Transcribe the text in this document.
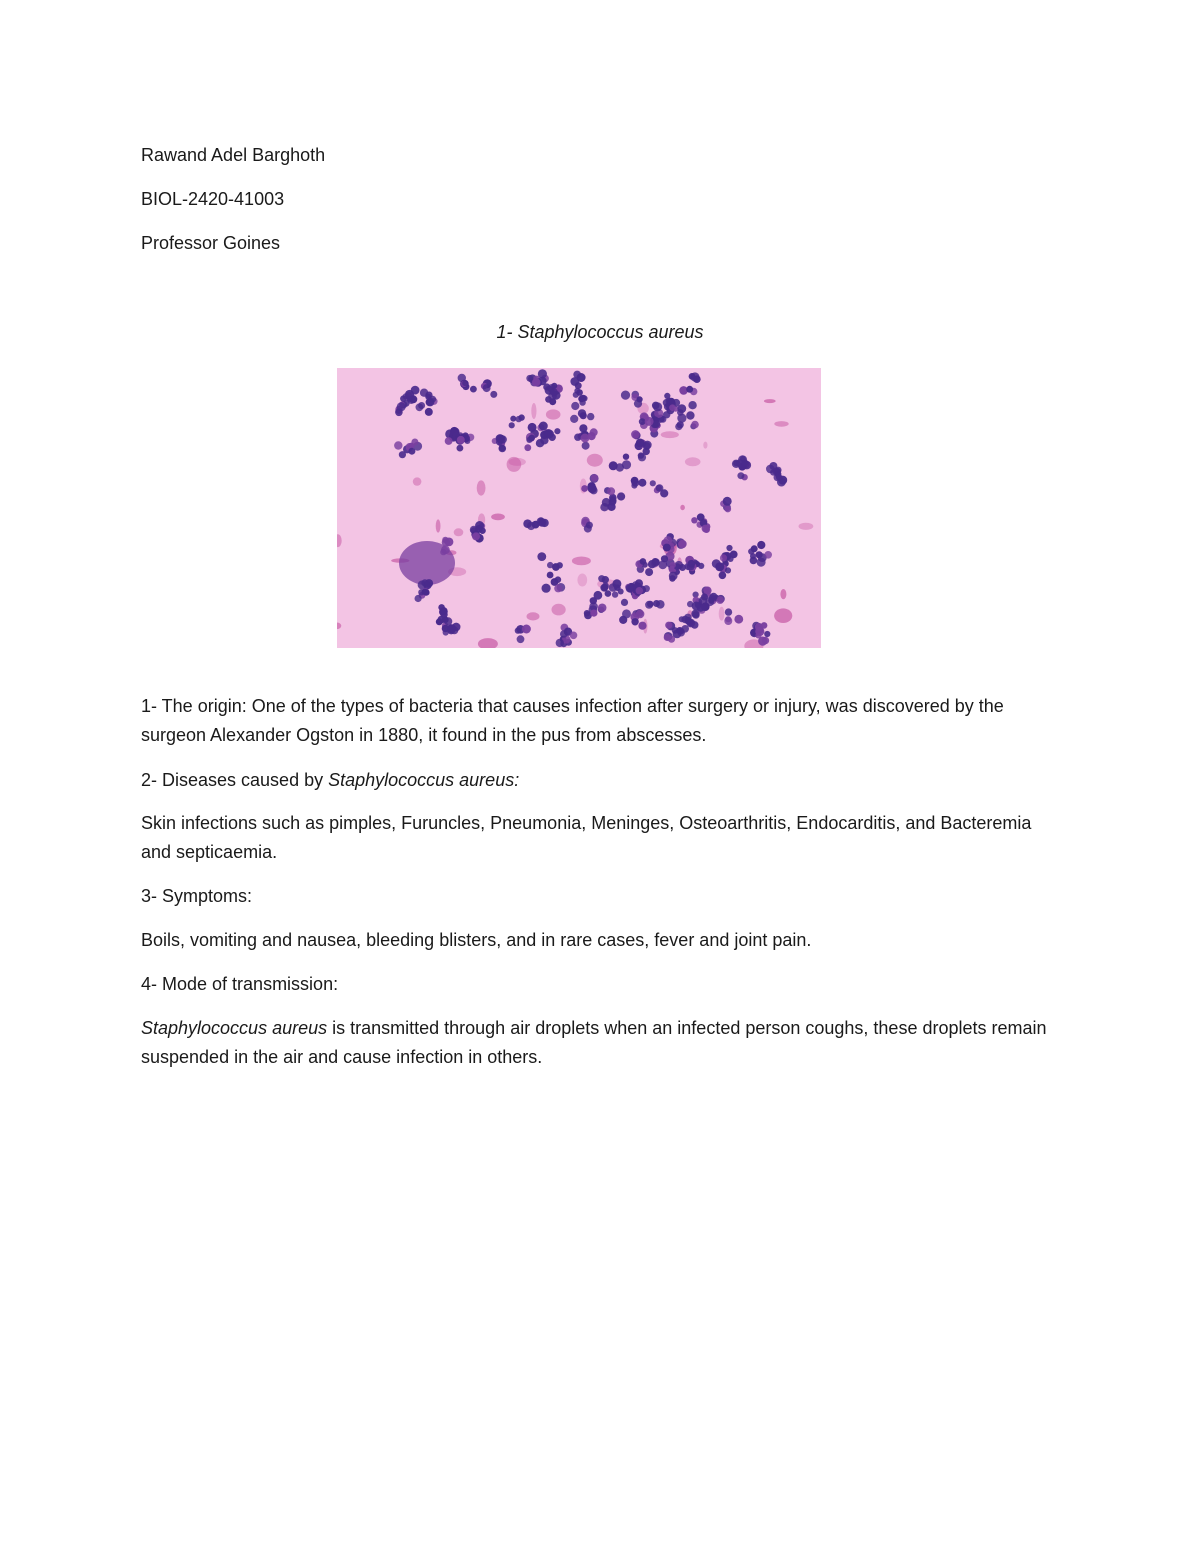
Rawand Adel Barghoth
BIOL-2420-41003
Professor Goines
1- Staphylococcus aureus
1- The origin: One of the types of bacteria that causes infection after surgery or injury, was discovered by the surgeon Alexander Ogston in 1880, it found in the pus from abscesses.
2- Diseases caused by Staphylococcus aureus:
Skin infections such as pimples, Furuncles, Pneumonia, Meninges, Osteoarthritis, Endocarditis, and Bacteremia and septicaemia.
3- Symptoms:
Boils, vomiting and nausea, bleeding blisters, and in rare cases, fever and joint pain.
4- Mode of transmission:
Staphylococcus aureus is transmitted through air droplets when an infected person coughs, these droplets remain suspended in the air and cause infection in others.
